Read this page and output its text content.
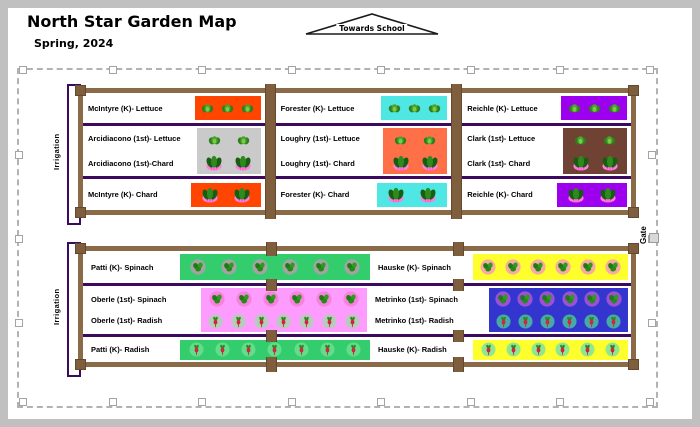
North Star Garden Map
Spring, 2024
Towards School
Gate
Irrigation
Irrigation
McIntyre (K)- Lettuce
Arcidiacono (1st)- Lettuce
Arcidiacono (1st)-Chard
McIntyre (K)- Chard
Forester (K)- Lettuce
Loughry (1st)- Lettuce
Loughry (1st)- Chard
Forester (K)- Chard
Reichle (K)- Lettuce
Clark (1st)- Lettuce
Clark (1st)- Chard
Reichle (K)- Chard
Patti (K)- Spinach	Hauske (K)- Spinach
Oberle (1st)- Spinach
Oberle (1st)- Radish
Metrinko (1st)- Spinach
Metrinko (1st)- Radish
Patti (K)- Radish	Hauske (K)- Radish
